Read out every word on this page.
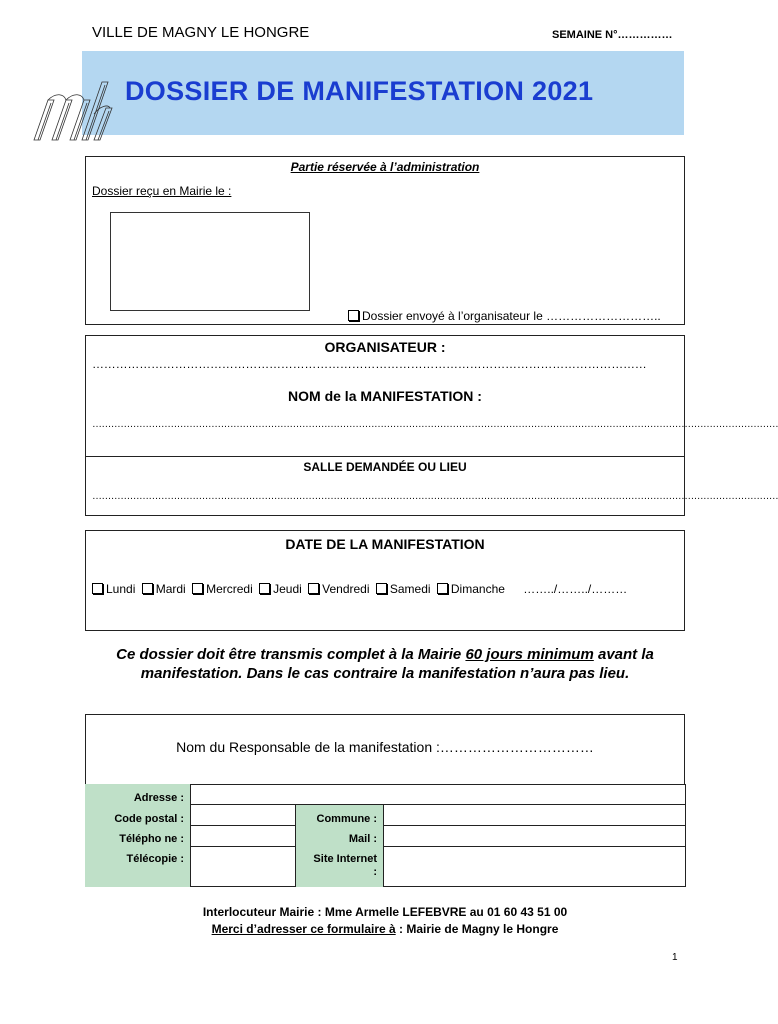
VILLE DE MAGNY LE HONGRE	SEMAINE N°……………
DOSSIER DE MANIFESTATION 2021
Partie réservée à l’administration
Dossier reçu en Mairie le :
Dossier envoyé à l’organisateur le ………………………..
ORGANISATEUR :
……………………………………………………………………………………………………………………………
NOM de la MANIFESTATION :
…………………………………………………………………………………………………………………………………………………………………………………………………
SALLE DEMANDÉE OU LIEU
…………………………………………………………………………………………………………………………………………………………………………………………………
DATE DE LA MANIFESTATION
Lundi Mardi Mercredi Jeudi Vendredi Samedi Dimanche ……../……../………
Ce dossier doit être transmis complet à la Mairie 60 jours minimum avant la manifestation. Dans le cas contraire la manifestation n’aura pas lieu.
Nom du Responsable de la manifestation :……………………………
Adresse :
Code postal :	Commune :
Télépho ne :	Mail :
Télécopie :	Site Internet :
Interlocuteur Mairie : Mme Armelle LEFEBVRE au 01 60 43 51 00
Merci d’adresser ce formulaire à : Mairie de Magny le Hongre
1
